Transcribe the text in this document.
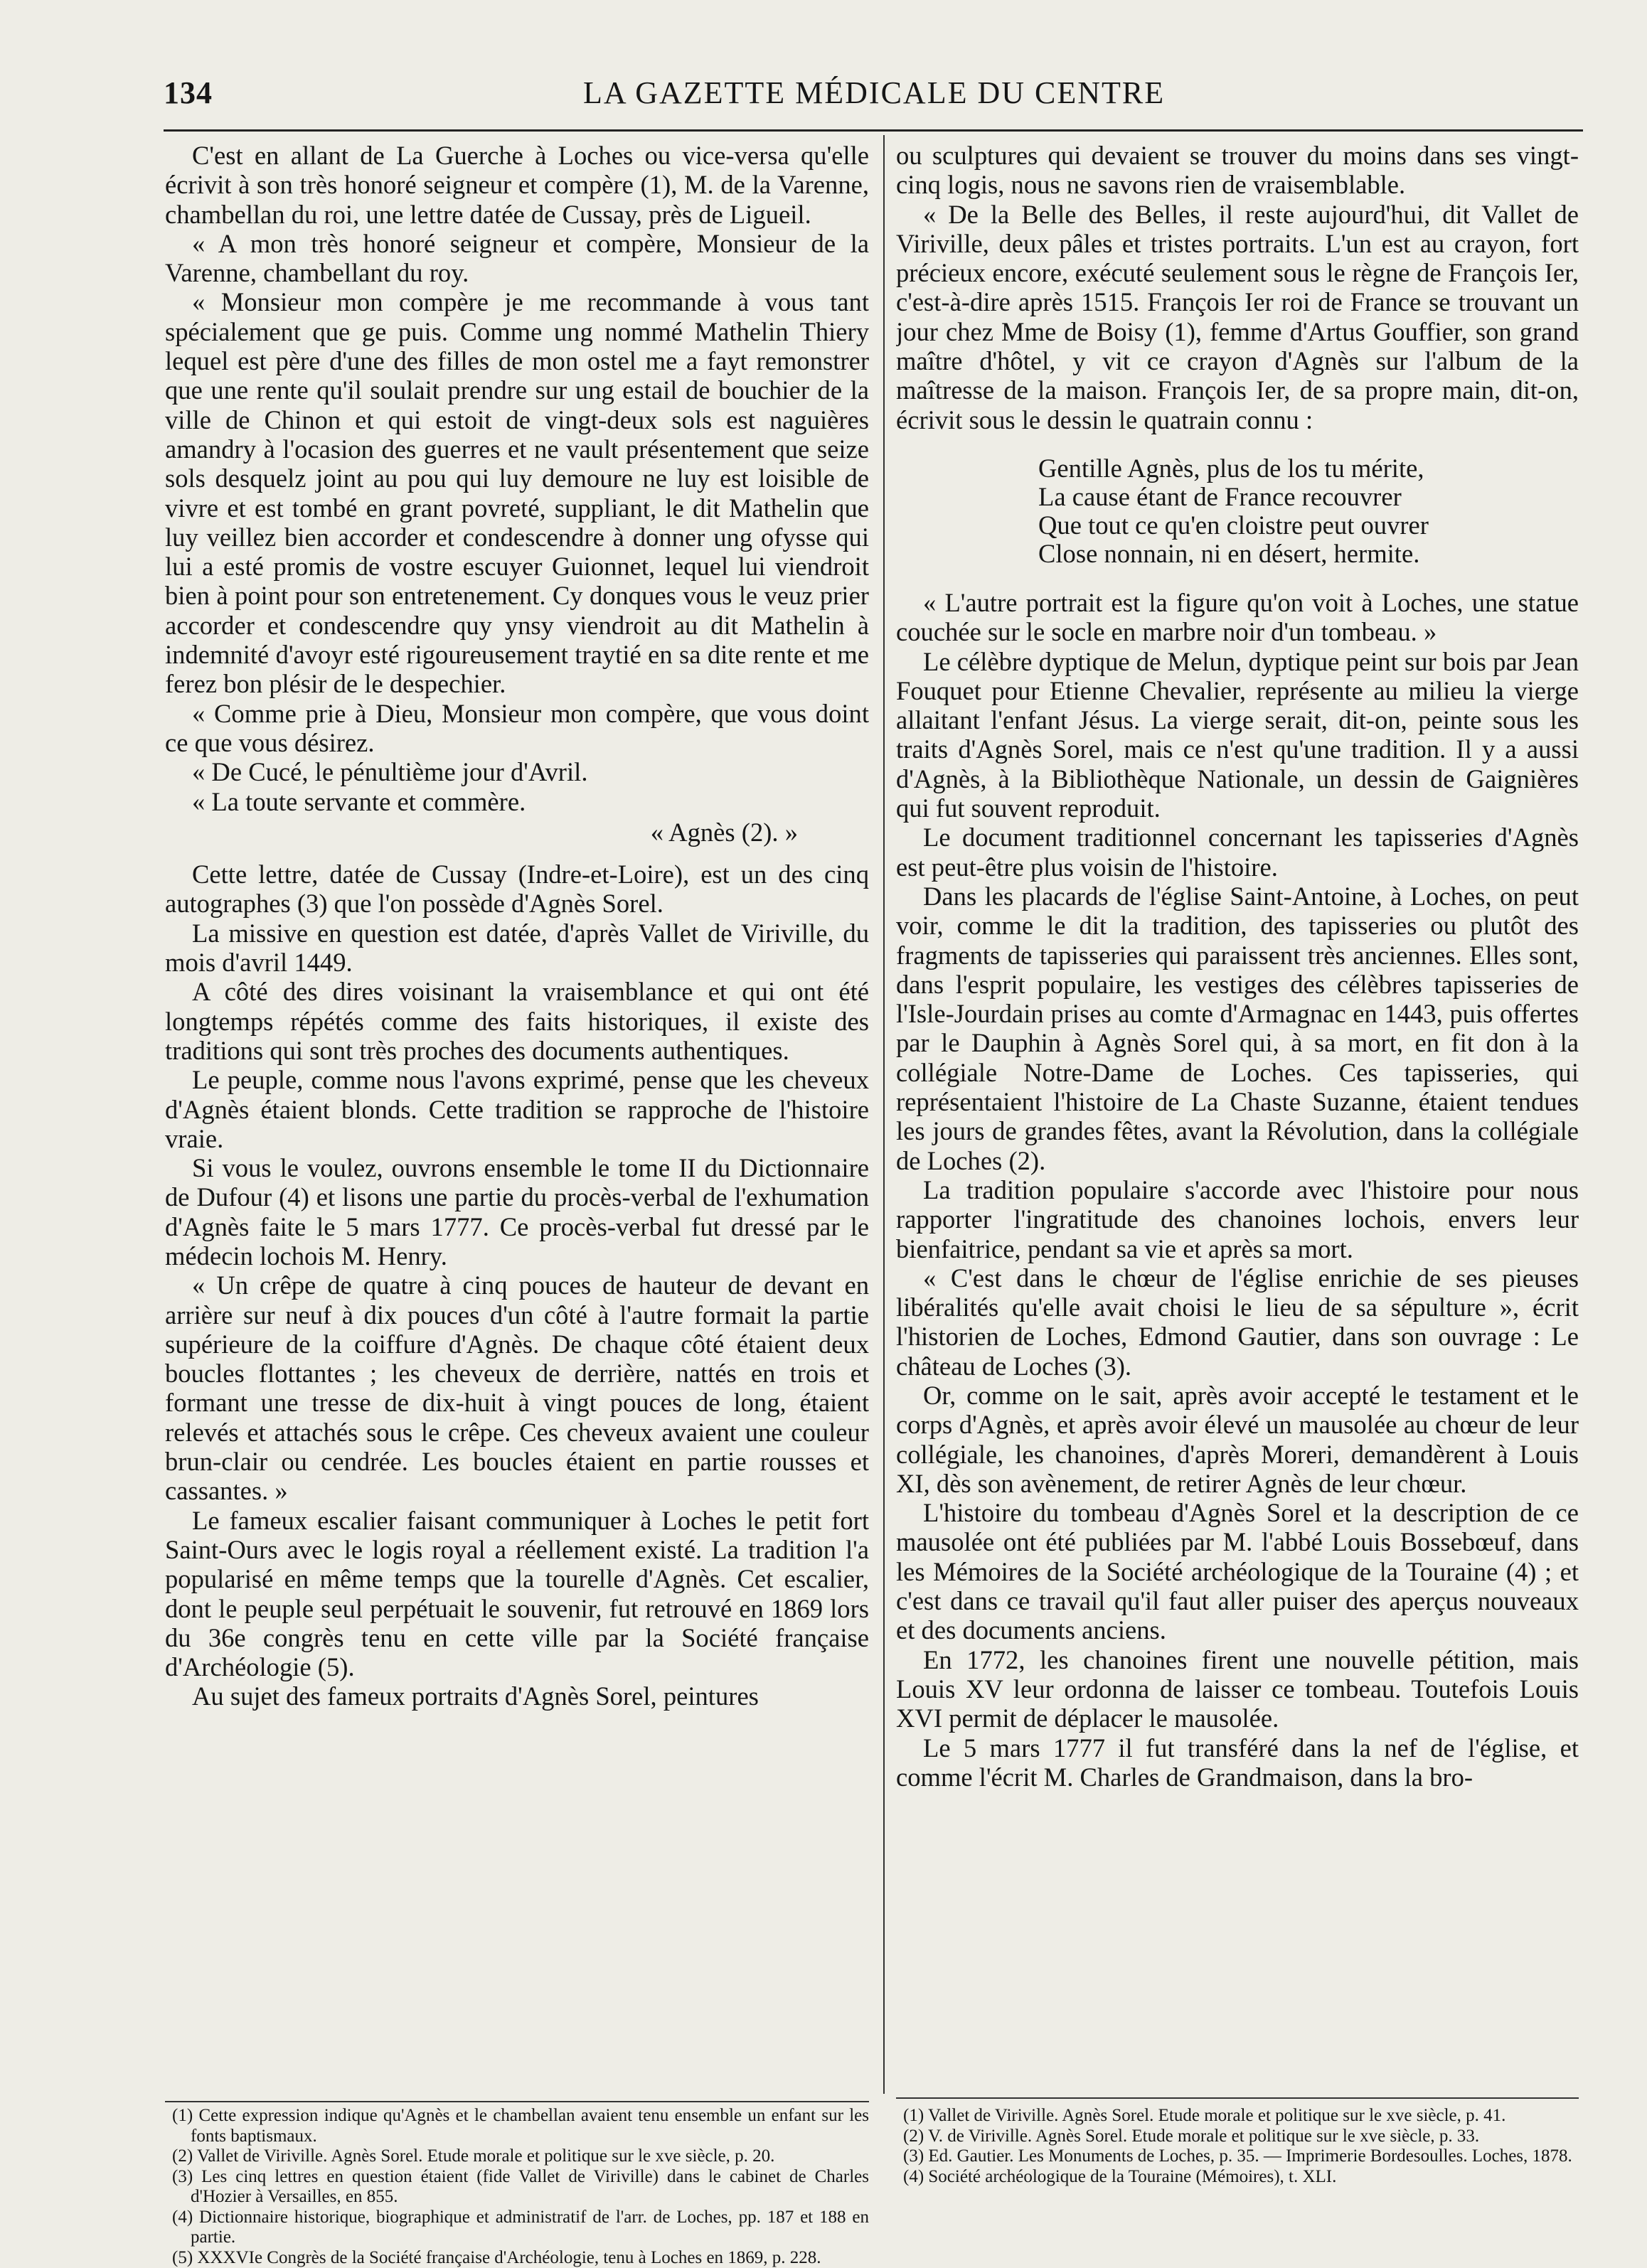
134	LA GAZETTE MÉDICALE DU CENTRE

C'est en allant de La Guerche à Loches ou vice-versa qu'elle écrivit à son très honoré seigneur et compère (1), M. de la Varenne, chambellan du roi, une lettre datée de Cussay, près de Ligueil.

« A mon très honoré seigneur et compère, Monsieur de la Varenne, chambellant du roy.

« Monsieur mon compère je me recommande à vous tant spécialement que ge puis. Comme ung nommé Mathelin Thiery lequel est père d'une des filles de mon ostel me a fayt remonstrer que une rente qu'il soulait prendre sur ung estail de bouchier de la ville de Chinon et qui estoit de vingt-deux sols est naguières amandry à l'ocasion des guerres et ne vault présentement que seize sols desquelz joint au pou qui luy demoure ne luy est loisible de vivre et est tombé en grant povreté, suppliant, le dit Mathelin que luy veillez bien accorder et condescendre à donner ung ofysse qui lui a esté promis de vostre escuyer Guionnet, lequel lui viendroit bien à point pour son entretenement. Cy donques vous le veuz prier accorder et condescendre quy ynsy viendroit au dit Mathelin à indemnité d'avoyr esté rigoureusement traytié en sa dite rente et me ferez bon plésir de le despechier.

« Comme prie à Dieu, Monsieur mon compère, que vous doint ce que vous désirez.

« De Cucé, le pénultième jour d'Avril.

« La toute servante et commère.

« Agnès (2). »

Cette lettre, datée de Cussay (Indre-et-Loire), est un des cinq autographes (3) que l'on possède d'Agnès Sorel.

La missive en question est datée, d'après Vallet de Viriville, du mois d'avril 1449.

A côté des dires voisinant la vraisemblance et qui ont été longtemps répétés comme des faits historiques, il existe des traditions qui sont très proches des documents authentiques.

Le peuple, comme nous l'avons exprimé, pense que les cheveux d'Agnès étaient blonds. Cette tradition se rapproche de l'histoire vraie.

Si vous le voulez, ouvrons ensemble le tome II du Dictionnaire de Dufour (4) et lisons une partie du procès-verbal de l'exhumation d'Agnès faite le 5 mars 1777. Ce procès-verbal fut dressé par le médecin lochois M. Henry.

« Un crêpe de quatre à cinq pouces de hauteur de devant en arrière sur neuf à dix pouces d'un côté à l'autre formait la partie supérieure de la coiffure d'Agnès. De chaque côté étaient deux boucles flottantes ; les cheveux de derrière, nattés en trois et formant une tresse de dix-huit à vingt pouces de long, étaient relevés et attachés sous le crêpe. Ces cheveux avaient une couleur brun-clair ou cendrée. Les boucles étaient en partie rousses et cassantes. »

Le fameux escalier faisant communiquer à Loches le petit fort Saint-Ours avec le logis royal a réellement existé. La tradition l'a popularisé en même temps que la tourelle d'Agnès. Cet escalier, dont le peuple seul perpétuait le souvenir, fut retrouvé en 1869 lors du 36e congrès tenu en cette ville par la Société française d'Archéologie (5).

Au sujet des fameux portraits d'Agnès Sorel, peintures

ou sculptures qui devaient se trouver du moins dans ses vingt-cinq logis, nous ne savons rien de vraisemblable.

« De la Belle des Belles, il reste aujourd'hui, dit Vallet de Viriville, deux pâles et tristes portraits. L'un est au crayon, fort précieux encore, exécuté seulement sous le règne de François Ier, c'est-à-dire après 1515. François Ier roi de France se trouvant un jour chez Mme de Boisy (1), femme d'Artus Gouffier, son grand maître d'hôtel, y vit ce crayon d'Agnès sur l'album de la maîtresse de la maison. François Ier, de sa propre main, dit-on, écrivit sous le dessin le quatrain connu :

Gentille Agnès, plus de los tu mérite,
La cause étant de France recouvrer
Que tout ce qu'en cloistre peut ouvrer
Close nonnain, ni en désert, hermite.

« L'autre portrait est la figure qu'on voit à Loches, une statue couchée sur le socle en marbre noir d'un tombeau. »

Le célèbre dyptique de Melun, dyptique peint sur bois par Jean Fouquet pour Etienne Chevalier, représente au milieu la vierge allaitant l'enfant Jésus. La vierge serait, dit-on, peinte sous les traits d'Agnès Sorel, mais ce n'est qu'une tradition. Il y a aussi d'Agnès, à la Bibliothèque Nationale, un dessin de Gaignières qui fut souvent reproduit.

Le document traditionnel concernant les tapisseries d'Agnès est peut-être plus voisin de l'histoire.

Dans les placards de l'église Saint-Antoine, à Loches, on peut voir, comme le dit la tradition, des tapisseries ou plutôt des fragments de tapisseries qui paraissent très anciennes. Elles sont, dans l'esprit populaire, les vestiges des célèbres tapisseries de l'Isle-Jourdain prises au comte d'Armagnac en 1443, puis offertes par le Dauphin à Agnès Sorel qui, à sa mort, en fit don à la collégiale Notre-Dame de Loches. Ces tapisseries, qui représentaient l'histoire de La Chaste Suzanne, étaient tendues les jours de grandes fêtes, avant la Révolution, dans la collégiale de Loches (2).

La tradition populaire s'accorde avec l'histoire pour nous rapporter l'ingratitude des chanoines lochois, envers leur bienfaitrice, pendant sa vie et après sa mort.

« C'est dans le chœur de l'église enrichie de ses pieuses libéralités qu'elle avait choisi le lieu de sa sépulture », écrit l'historien de Loches, Edmond Gautier, dans son ouvrage : Le château de Loches (3).

Or, comme on le sait, après avoir accepté le testament et le corps d'Agnès, et après avoir élevé un mausolée au chœur de leur collégiale, les chanoines, d'après Moreri, demandèrent à Louis XI, dès son avènement, de retirer Agnès de leur chœur.

L'histoire du tombeau d'Agnès Sorel et la description de ce mausolée ont été publiées par M. l'abbé Louis Bossebœuf, dans les Mémoires de la Société archéologique de la Touraine (4) ; et c'est dans ce travail qu'il faut aller puiser des aperçus nouveaux et des documents anciens.

En 1772, les chanoines firent une nouvelle pétition, mais Louis XV leur ordonna de laisser ce tombeau. Toutefois Louis XVI permit de déplacer le mausolée.

Le 5 mars 1777 il fut transféré dans la nef de l'église, et comme l'écrit M. Charles de Grandmaison, dans la bro-

(1) Cette expression indique qu'Agnès et le chambellan avaient tenu ensemble un enfant sur les fonts baptismaux.

(2) Vallet de Viriville. Agnès Sorel. Etude morale et politique sur le xve siècle, p. 20.

(3) Les cinq lettres en question étaient (fide Vallet de Viriville) dans le cabinet de Charles d'Hozier à Versailles, en 855.

(4) Dictionnaire historique, biographique et administratif de l'arr. de Loches, pp. 187 et 188 en partie.

(5) XXXVIe Congrès de la Société française d'Archéologie, tenu à Loches en 1869, p. 228.

(1) Vallet de Viriville. Agnès Sorel. Etude morale et politique sur le xve siècle, p. 41.

(2) V. de Viriville. Agnès Sorel. Etude morale et politique sur le xve siècle, p. 33.

(3) Ed. Gautier. Les Monuments de Loches, p. 35. — Imprimerie Bordesoulles. Loches, 1878.

(4) Société archéologique de la Touraine (Mémoires), t. XLI.
